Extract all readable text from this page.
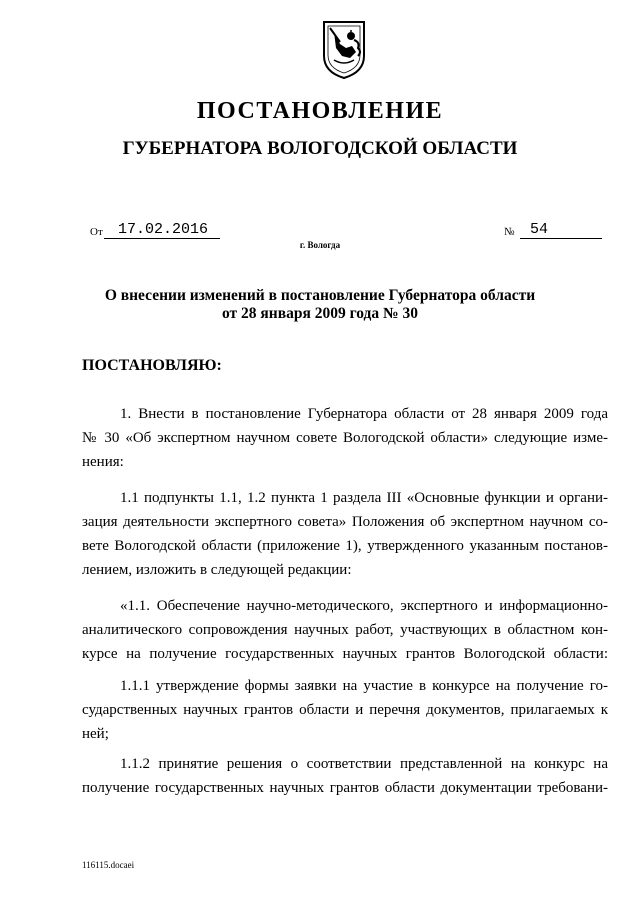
ПОСТАНОВЛЕНИЕ
ГУБЕРНАТОРА ВОЛОГОДСКОЙ ОБЛАСТИ
От	17.02.2016	№	54
г. Вологда
О внесении изменений в постановление Губернатора области
от 28 января 2009 года № 30
ПОСТАНОВЛЯЮ:
1. Внести в постановление Губернатора области от 28 января 2009 года
№ 30 «Об экспертном научном совете Вологодской области» следующие изме-
нения:
1.1 подпункты 1.1, 1.2 пункта 1 раздела III «Основные функции и органи-
зация деятельности экспертного совета» Положения об экспертном научном со-
вете Вологодской области (приложение 1), утвержденного указанным постанов-
лением, изложить в следующей редакции:
«1.1. Обеспечение научно-методического, экспертного и информационно-
аналитического сопровождения научных работ, участвующих в областном кон-
курсе на получение государственных научных грантов Вологодской области:
1.1.1 утверждение формы заявки на участие в конкурсе на получение го-
сударственных научных грантов области и перечня документов, прилагаемых к
ней;
1.1.2 принятие решения о соответствии представленной на конкурс на
получение государственных научных грантов области документации требовани-
116115.docaei
